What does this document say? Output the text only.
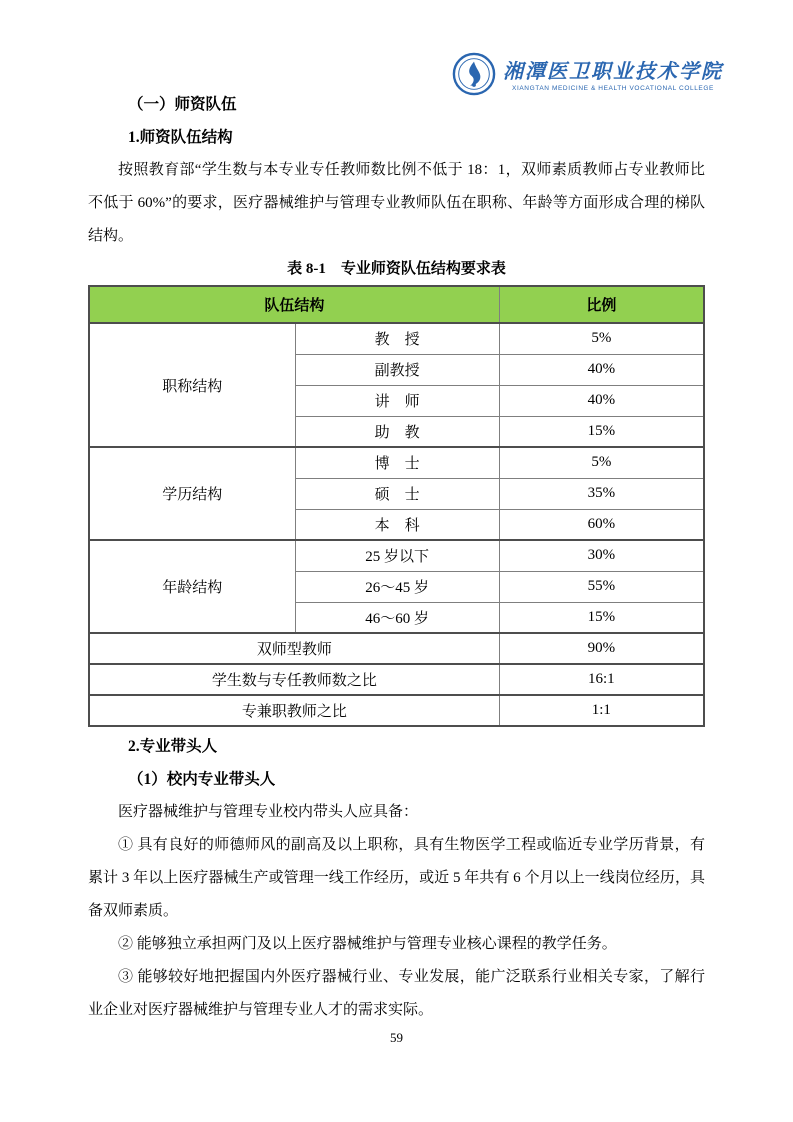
湘潭医卫职业技术学院
XIANGTAN MEDICINE & HEALTH VOCATIONAL COLLEGE

（一）师资队伍

1.师资队伍结构

按照教育部“学生数与本专业专任教师数比例不低于 18：1，双师素质教师占专业教师比不低于 60%”的要求，医疗器械维护与管理专业教师队伍在职称、年龄等方面形成合理的梯队结构。

表 8-1　专业师资队伍结构要求表

队伍结构		比例
职称结构	教　授	5%
	副教授	40%
	讲　师	40%
	助　教	15%
学历结构	博　士	5%
	硕　士	35%
	本　科	60%
年龄结构	25 岁以下	30%
	26～45 岁	55%
	46～60 岁	15%
双师型教师		90%
学生数与专任教师数之比		16:1
专兼职教师之比		1:1

2.专业带头人

（1）校内专业带头人

医疗器械维护与管理专业校内带头人应具备：

① 具有良好的师德师风的副高及以上职称，具有生物医学工程或临近专业学历背景，有累计 3 年以上医疗器械生产或管理一线工作经历，或近 5 年共有 6 个月以上一线岗位经历，具备双师素质。

② 能够独立承担两门及以上医疗器械维护与管理专业核心课程的教学任务。

③ 能够较好地把握国内外医疗器械行业、专业发展，能广泛联系行业相关专家，了解行业企业对医疗器械维护与管理专业人才的需求实际。

59
